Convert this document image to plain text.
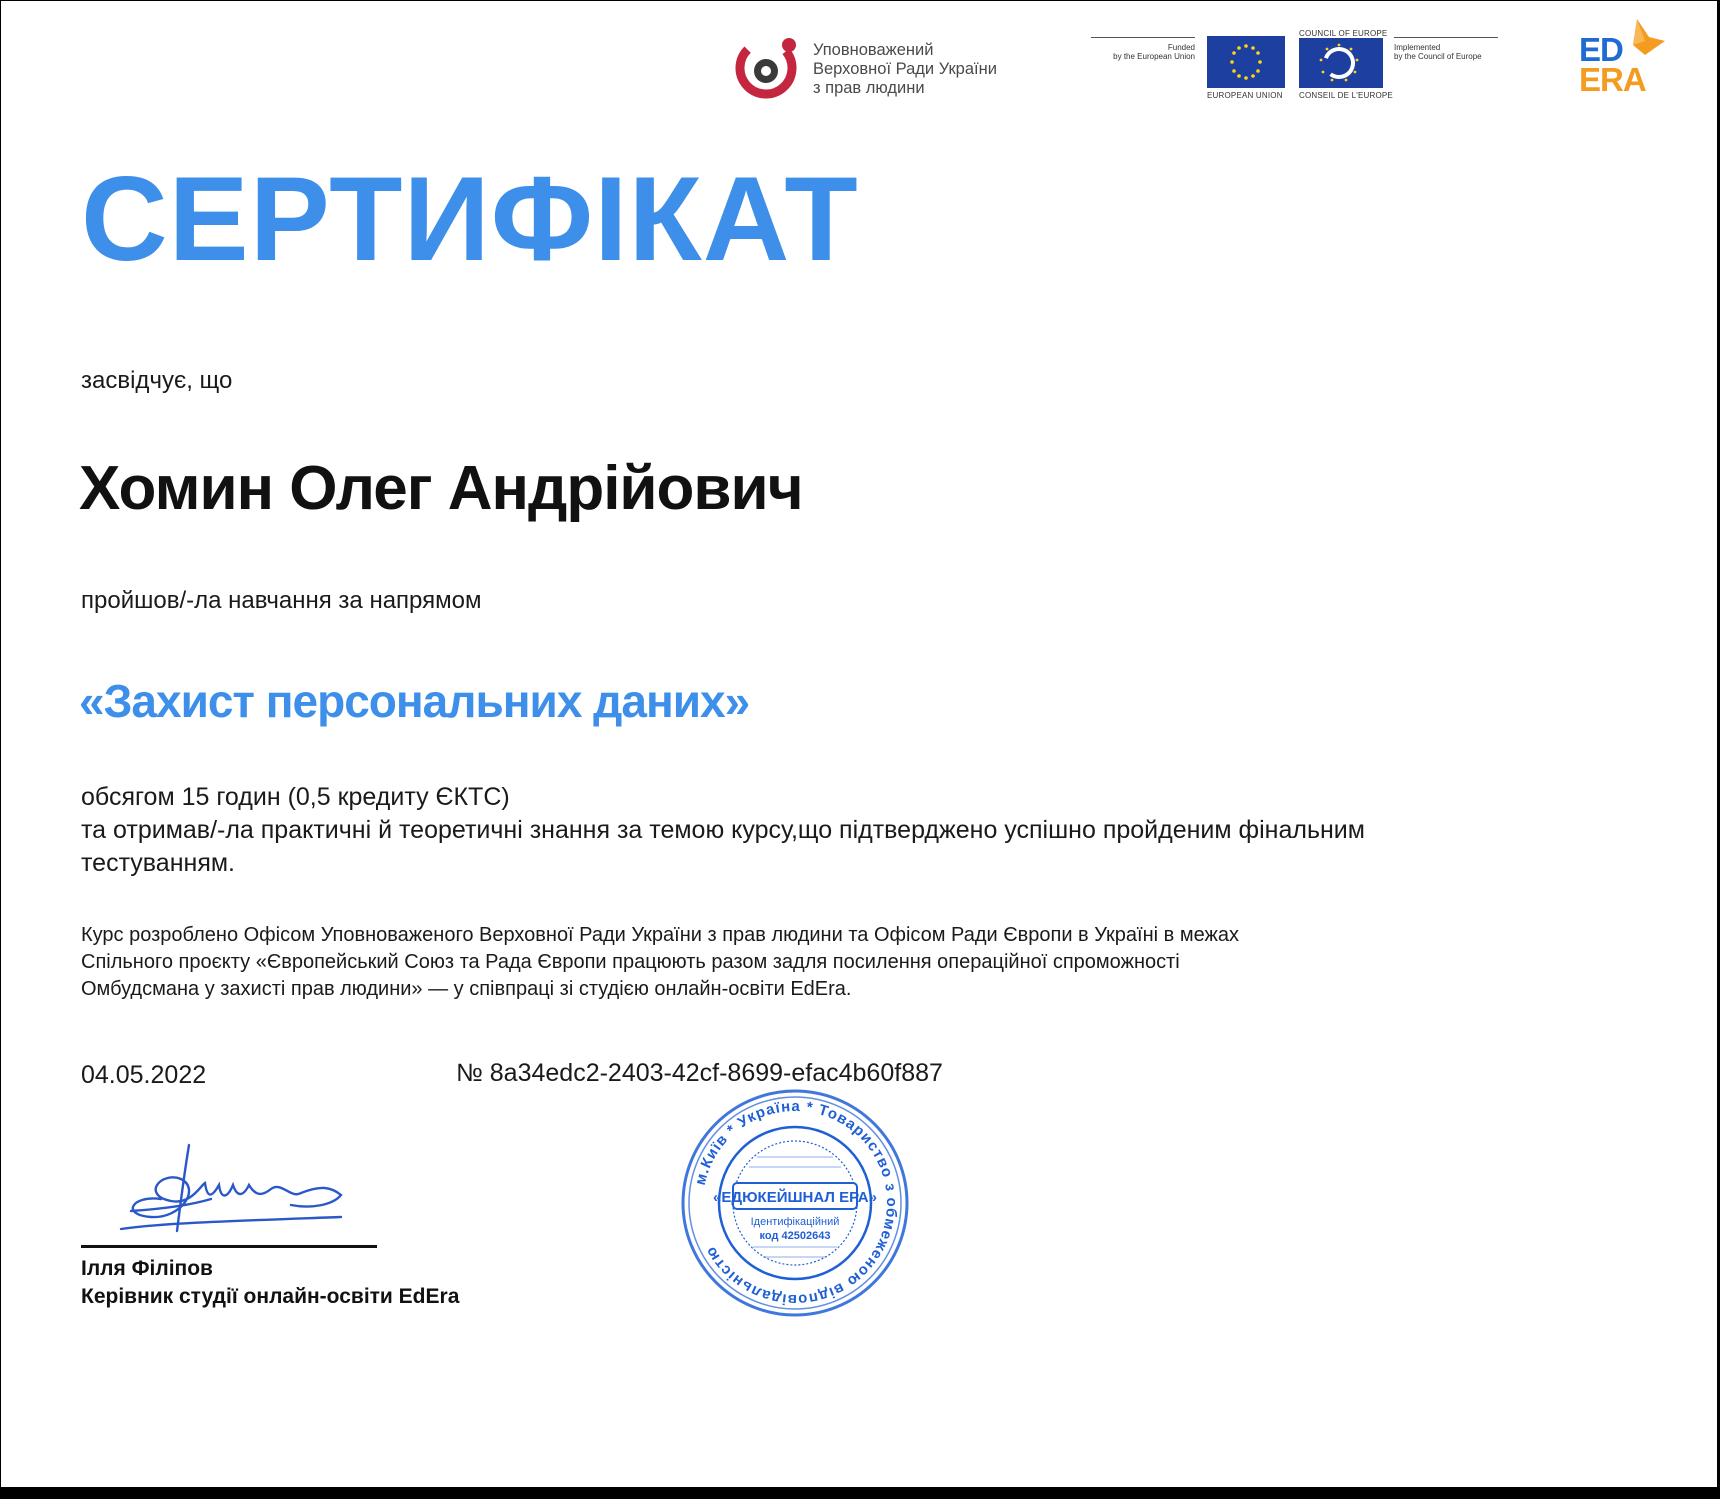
Уповноважений
Верховної Ради України
з прав людини
Funded
by the European Union
EUROPEAN UNION
COUNCIL OF EUROPE
CONSEIL DE L'EUROPE
Implemented
by the Council of Europe	ED
ERA
СЕРТИФІКАТ
засвідчує, що
Хомин Олег Андрійович
пройшов/-ла навчання за напрямом
«Захист персональних даних»
обсягом 15 годин (0,5 кредиту ЄКТС)
та отримав/-ла практичні й теоретичні знання за темою курсу,що підтверджено успішно пройденим фінальним
тестуванням.
Курс розроблено Офісом Уповноваженого Верховної Ради України з прав людини та Офісом Ради Європи в Україні в межах
Спільного проєкту «Європейський Союз та Рада Європи працюють разом задля посилення операційної спроможності
Омбудсмана у захисті прав людини» — у співпраці зі студією онлайн-освіти EdEra.
04.05.2022	№ 8a34edc2-2403-42cf-8699-efac4b60f887
Ілля Філіпов
Керівник студії онлайн-освіти EdEra
м.Київ * Україна * Товариство з обмеженою відповідальністю
«ЕДЮКЕЙШНАЛ ЕРА»
Ідентифікаційний
код 42502643
